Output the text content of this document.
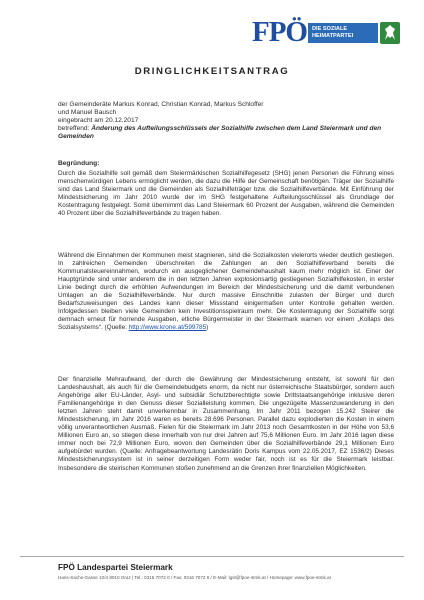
FPÖ DIE SOZIALE
HEIMATPARTEI
DRINGLICHKEITSANTRAG
der Gemeinderäte Markus Konrad, Christian Konrad, Markus Schloffer
und Manuel Bausch
eingebracht am 20.12.2017
betreffend: Änderung des Aufteilungsschlüssels der Sozialhilfe zwischen dem Land Steiermark und den Gemeinden
Begründung:
Durch die Sozialhilfe soll gemäß dem Steiermärkischen Sozialhilfegesetz (SHG) jenen Personen die Führung eines menschenwürdigen Lebens ermöglicht werden, die dazu die Hilfe der Gemeinschaft benötigen. Träger der Sozialhilfe sind das Land Steiermark und die Gemeinden als Sozialhilfeträger bzw. die Sozialhilfeverbände. Mit Einführung der Mindestsicherung im Jahr 2010 wurde der im SHG festgehaltene Aufteilungsschlüssel als Grundlage der Kostentragung festgelegt. Somit übernimmt das Land Steiermark 60 Prozent der Ausgaben, während die Gemeinden 40 Prozent über die Sozialhilfeverbände zu tragen haben.
Während die Einnahmen der Kommunen meist stagnieren, sind die Sozialkosten vielerorts wieder deutlich gestiegen. In zahlreichen Gemeinden überschreiten die Zahlungen an den Sozialhilfeverband bereits die Kommunalsteuereinnahmen, wodurch ein ausgeglichener Gemeindehaushalt kaum mehr möglich ist. Einer der Hauptgründe sind unter anderem die in den letzten Jahren explosionsartig gestiegenen Sozialhilfekosten, in erster Linie bedingt durch die erhöhten Aufwendungen im Bereich der Mindestsicherung und die damit verbundenen Umlagen an die Sozialhilfeverbände. Nur durch massive Einschnitte zulasten der Bürger und durch Bedarfszuweisungen des Landes kann dieser Missstand einigermaßen unter Kontrolle gehalten werden. Infolgedessen bleiben viele Gemeinden kein Investitionsspielraum mehr. Die Kostentragung der Sozialhilfe sorgt demnach erneut für horrende Ausgaben, etliche Bürgermeister in der Steiermark warnen vor einem „Kollaps des Sozialsystems“. (Quelle: http://www.krone.at/599785)
Der finanzielle Mehraufwand, der durch die Gewährung der Mindestsicherung entsteht, ist sowohl für den Landeshaushalt, als auch für die Gemeindebudgets enorm, da nicht nur österreichische Staatsbürger, sondern auch Angehörige aller EU-Länder, Asyl- und subsidiär Schutzberechtigte sowie Drittstaatsangehörige inklusive deren Familienangehörige in den Genuss dieser Sozialleistung kommen. Die ungezügelte Massenzuwanderung in den letzten Jahren steht damit unverkennbar in Zusammenhang. Im Jahr 2011 bezogen 15.242 Steirer die Mindestsicherung, im Jahr 2016 waren es bereits 28.696 Personen. Parallel dazu explodierten die Kosten in einem völlig unverantwortlichen Ausmaß. Fielen für die Steiermark im Jahr 2013 noch Gesamtkosten in der Höhe von 53,6 Millionen Euro an, so stiegen diese innerhalb von nur drei Jahren auf 75,6 Millionen Euro. Im Jahr 2016 lagen diese immer noch bei 72,9 Millionen Euro, wovon den Gemeinden über die Sozialhilfeverbände 29,1 Millionen Euro aufgebürdet wurden. (Quelle: Anfragebeantwortung Landesrätin Doris Kampus vom 22.05.2017, EZ 1536/2) Dieses Mindestsicherungssystem ist in seiner derzeitigen Form weder fair, noch ist es für die Steiermark leistbar. Insbesondere die steirischen Kommunen stoßen zunehmend an die Grenzen ihrer finanziellen Möglichkeiten.
FPÖ Landespartei Steiermark
Hans-Sachs-Gasse 10/4 8010 Graz | Tel.: 0316 7072 0 / Fax: 0316 7072 6 / E-Mail: lgst@fpoe-stmk.at / Homepage: www.fpoe-stmk.at
